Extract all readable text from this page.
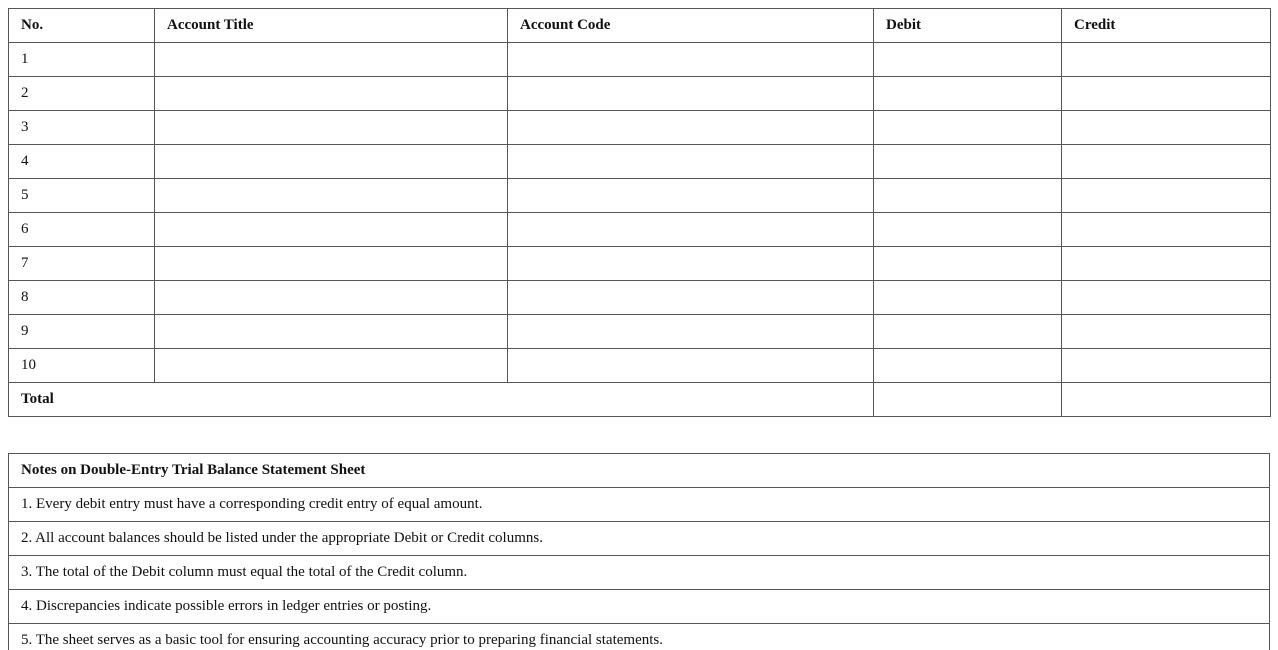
No.	Account Title	Account Code	Debit	Credit
1				
2				
3				
4				
5				
6				
7				
8				
9				
10				
Total				
Notes on Double-Entry Trial Balance Statement Sheet
1. Every debit entry must have a corresponding credit entry of equal amount.
2. All account balances should be listed under the appropriate Debit or Credit columns.
3. The total of the Debit column must equal the total of the Credit column.
4. Discrepancies indicate possible errors in ledger entries or posting.
5. The sheet serves as a basic tool for ensuring accounting accuracy prior to preparing financial statements.
